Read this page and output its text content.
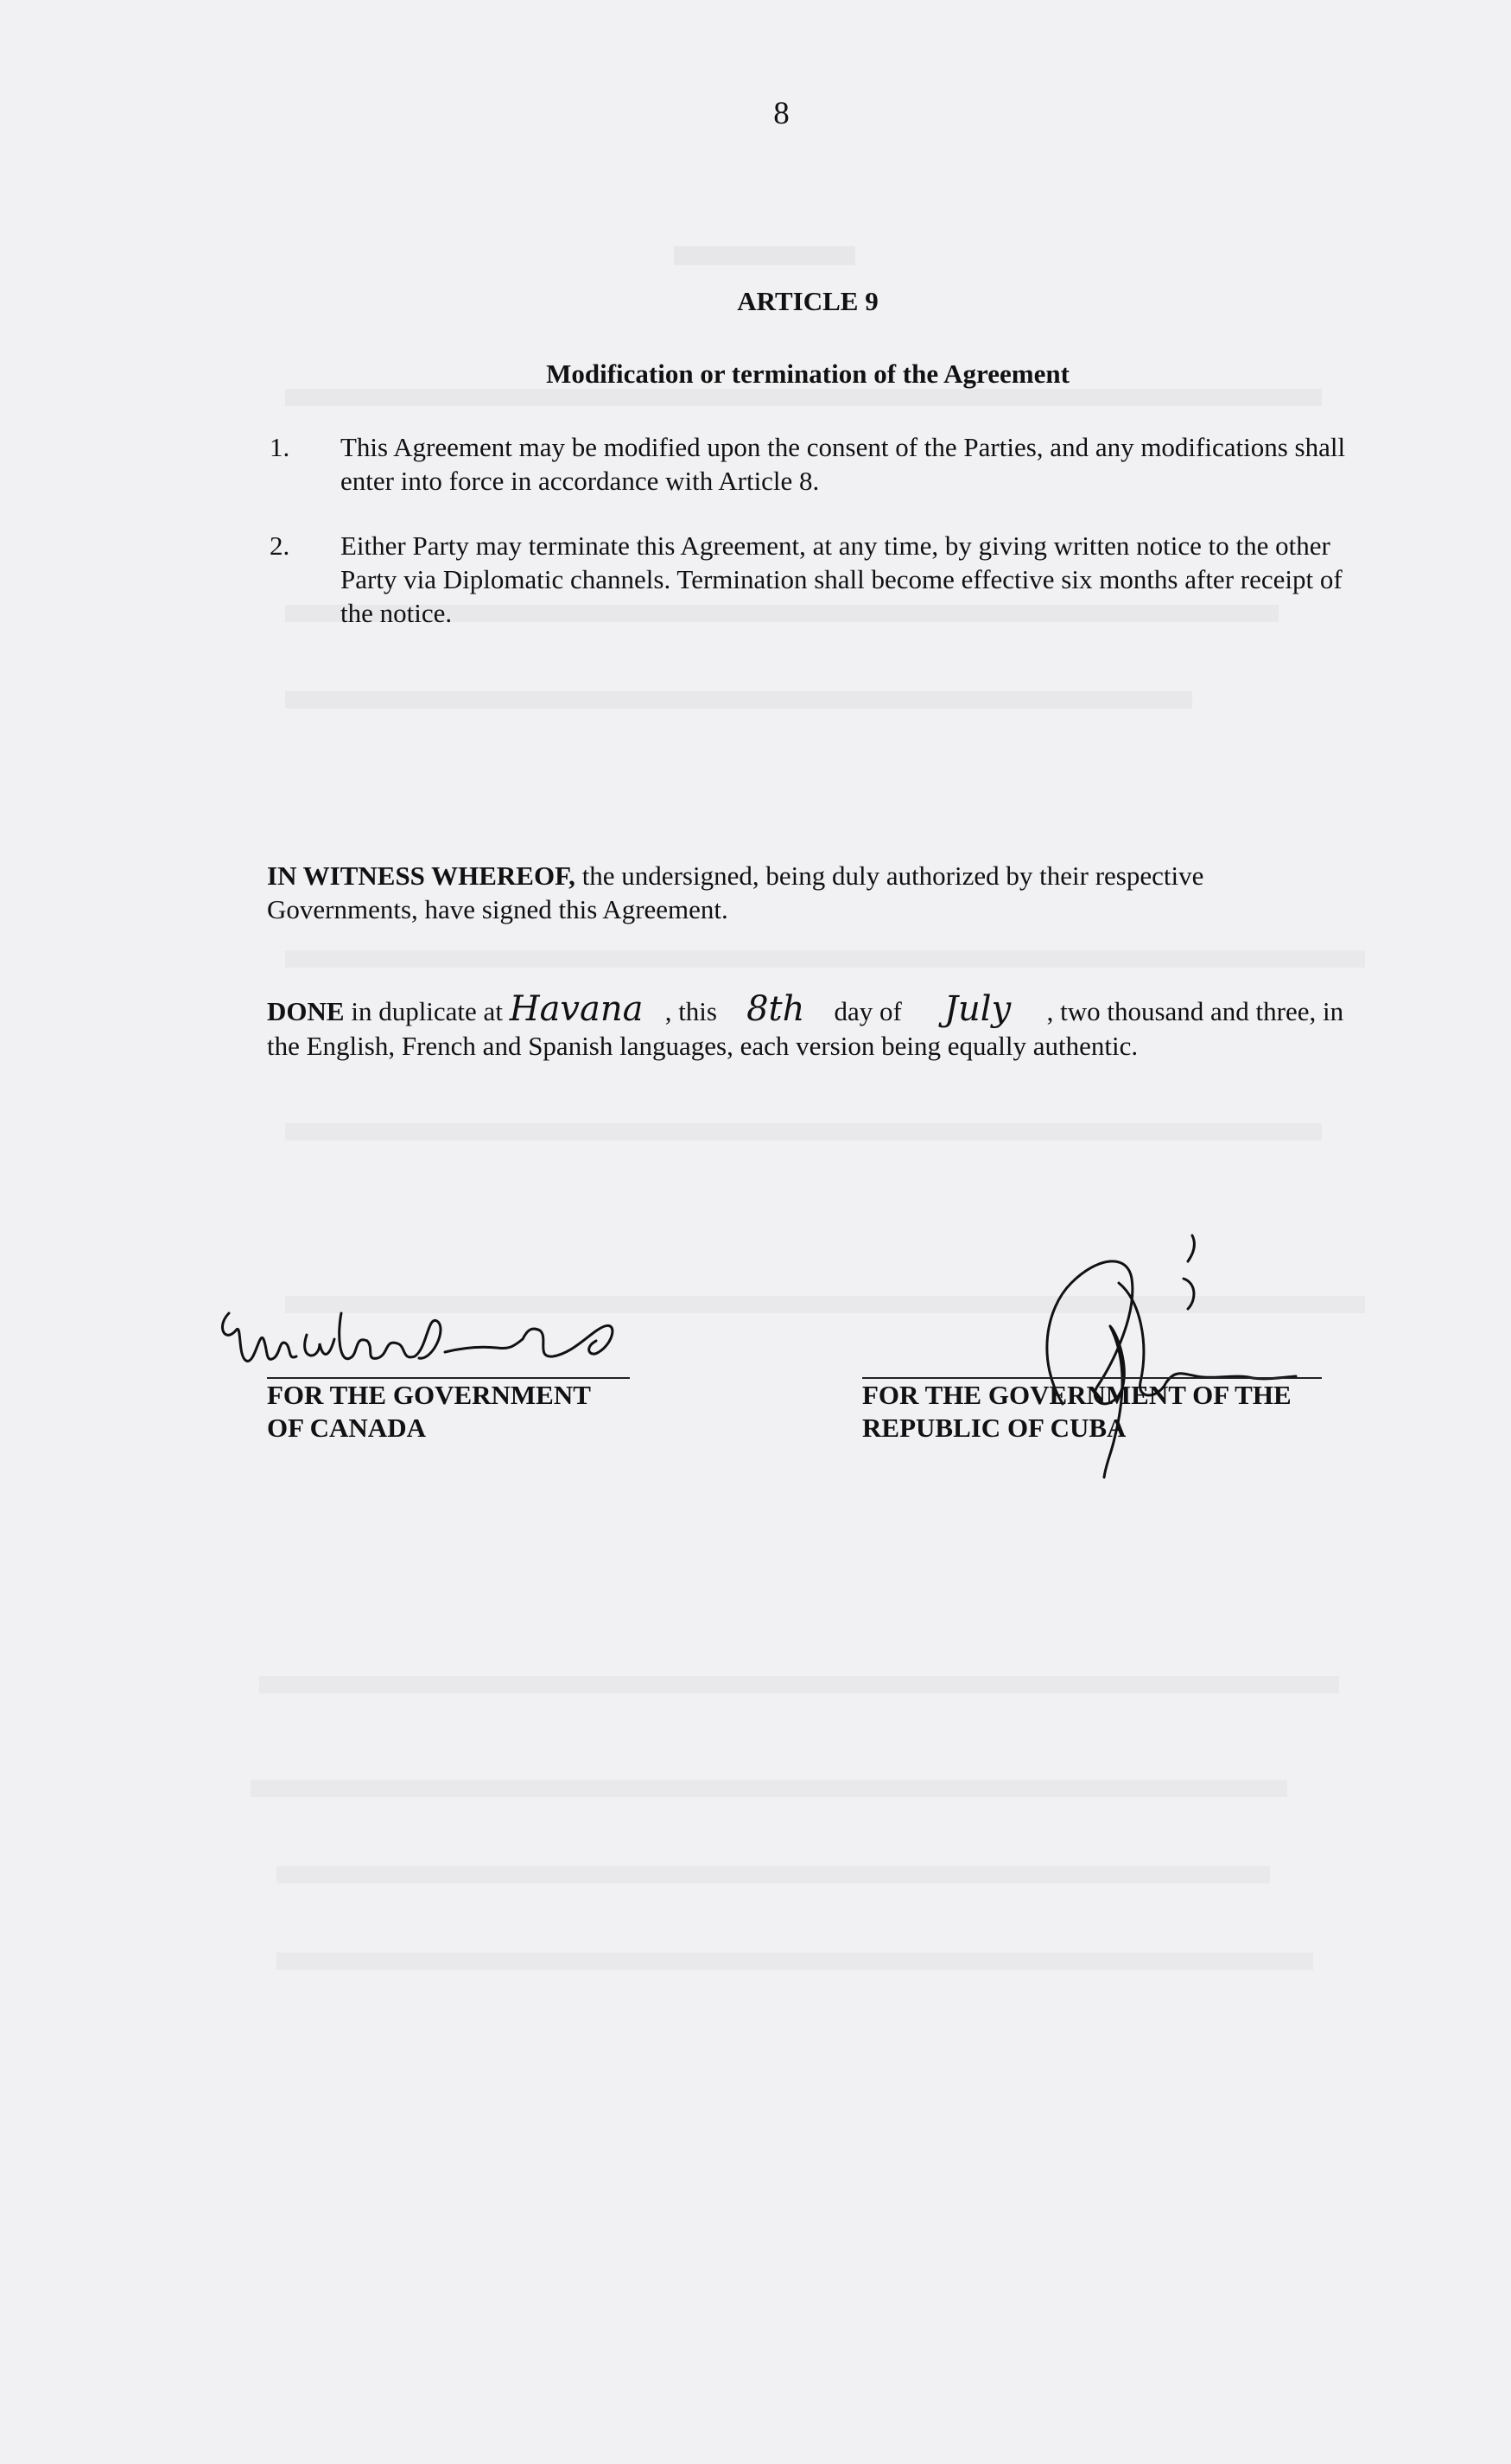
8
ARTICLE 9
Modification or termination of the Agreement
1. This Agreement may be modified upon the consent of the Parties, and any modifications shall enter into force in accordance with Article 8.
2. Either Party may terminate this Agreement, at any time, by giving written notice to the other Party via Diplomatic channels. Termination shall become effective six months after receipt of the notice.
IN WITNESS WHEREOF, the undersigned, being duly authorized by their respective Governments, have signed this Agreement.
DONE in duplicate at Havana , this 8th day of July , two thousand and three, in the English, French and Spanish languages, each version being equally authentic.
FOR THE GOVERNMENT
OF CANADA
FOR THE GOVERNMENT OF THE
REPUBLIC OF CUBA
